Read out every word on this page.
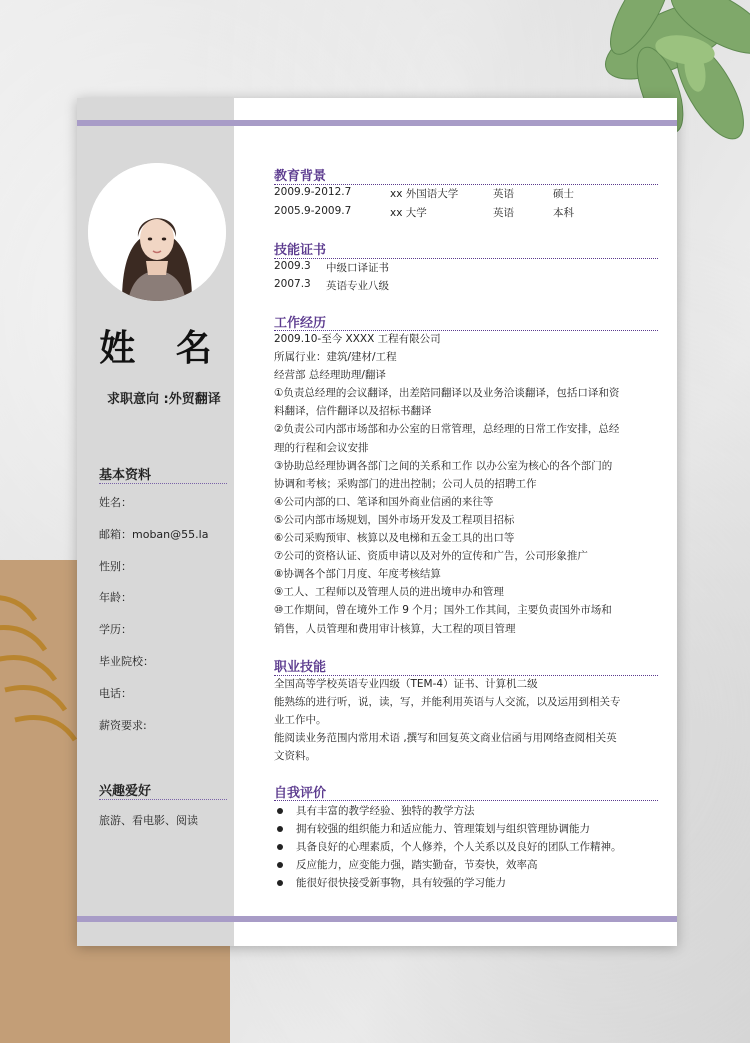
姓 名
求职意向 :外贸翻译
基本资料
姓名：
邮箱：moban@55.la
性别：
年龄：
学历：
毕业院校：
电话：
薪资要求:
兴趣爱好
旅游、看电影、阅读
教育背景
2009.9-2012.7	xx 外国语大学	英语	硕士
2005.9-2009.7	xx 大学	英语	本科
技能证书
2009.3	中级口译证书
2007.3	英语专业八级
工作经历
2009.10-至今 XXXX 工程有限公司
所属行业：建筑/建材/工程
经营部 总经理助理/翻译
①负责总经理的会议翻译，出差陪同翻译以及业务洽谈翻译，包括口译和资
料翻译，信件翻译以及招标书翻译
②负责公司内部市场部和办公室的日常管理，总经理的日常工作安排，总经
理的行程和会议安排
③协助总经理协调各部门之间的关系和工作 以办公室为核心的各个部门的
协调和考核；采购部门的进出控制；公司人员的招聘工作
④公司内部的口、笔译和国外商业信函的来往等
⑤公司内部市场规划，国外市场开发及工程项目招标
⑥公司采购预审、核算以及电梯和五金工具的出口等
⑦公司的资格认证、资质申请以及对外的宣传和广告，公司形象推广
⑧协调各个部门月度、年度考核结算
⑨工人、工程师以及管理人员的进出境申办和管理
⑩工作期间，曾在境外工作 9 个月；国外工作其间，主要负责国外市场和
销售，人员管理和费用审计核算，大工程的项目管理
职业技能
全国高等学校英语专业四级（TEM-4）证书、计算机二级
能熟练的进行听，说，读，写，并能利用英语与人交流，以及运用到相关专
业工作中。
能阅读业务范围内常用术语 ,撰写和回复英文商业信函与用网络查阅相关英
文资料。
自我评价
具有丰富的教学经验、独特的教学方法
拥有较强的组织能力和适应能力、管理策划与组织管理协调能力
具备良好的心理素质，个人修养，个人关系以及良好的团队工作精神。
反应能力，应变能力强，踏实勤奋，节奏快，效率高
能很好很快接受新事物，具有较强的学习能力
